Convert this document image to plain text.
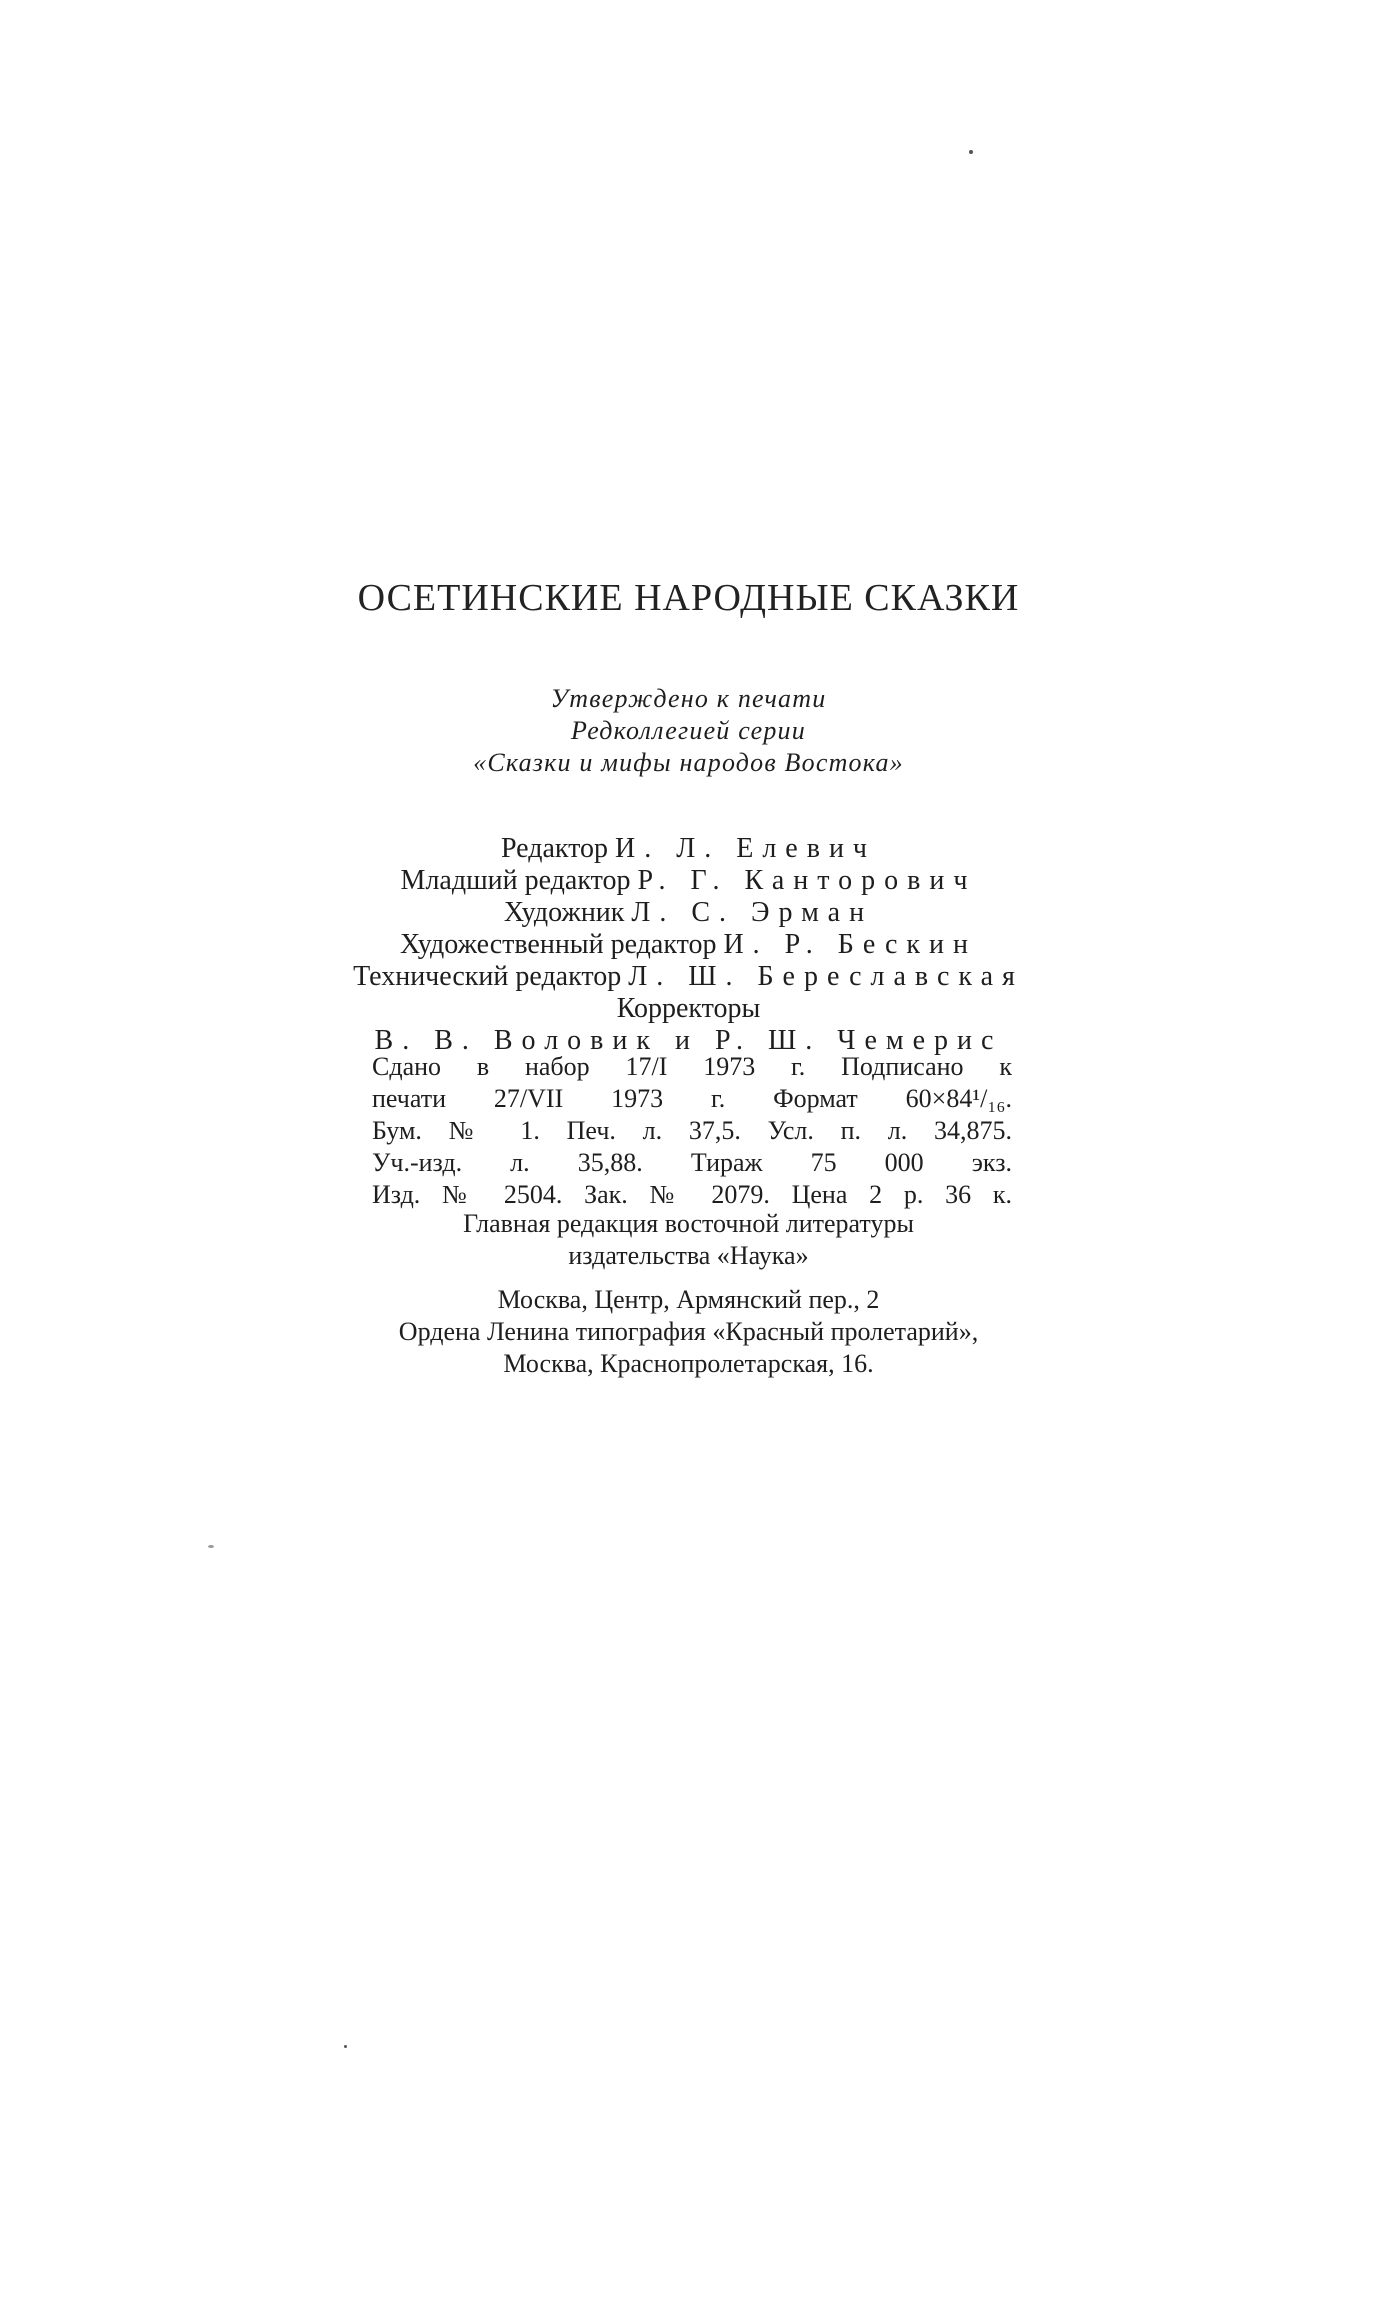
ОСЕТИНСКИЕ НАРОДНЫЕ СКАЗКИ
Утверждено к печати
Редколлегией серии
«Сказки и мифы народов Востока»
Редактор И. Л. Елевич
Младший редактор Р. Г. Канторович
Художник Л. С. Эрман
Художественный редактор И. Р. Бескин
Технический редактор Л. Ш. Береславская
Корректоры
В. В. Воловик и Р. Ш. Чемерис
Сдано в набор 17/I 1973 г. Подписано к
печати 27/VII 1973 г. Формат 60×84¹/₁₆.
Бум. № 1. Печ. л. 37,5. Усл. п. л. 34,875.
Уч.-изд. л. 35,88. Тираж 75 000 экз.
Изд. № 2504. Зак. № 2079. Цена 2 р. 36 к.
Главная редакция восточной литературы
издательства «Наука»
Москва, Центр, Армянский пер., 2
Ордена Ленина типография «Красный пролетарий»,
Москва, Краснопролетарская, 16.
